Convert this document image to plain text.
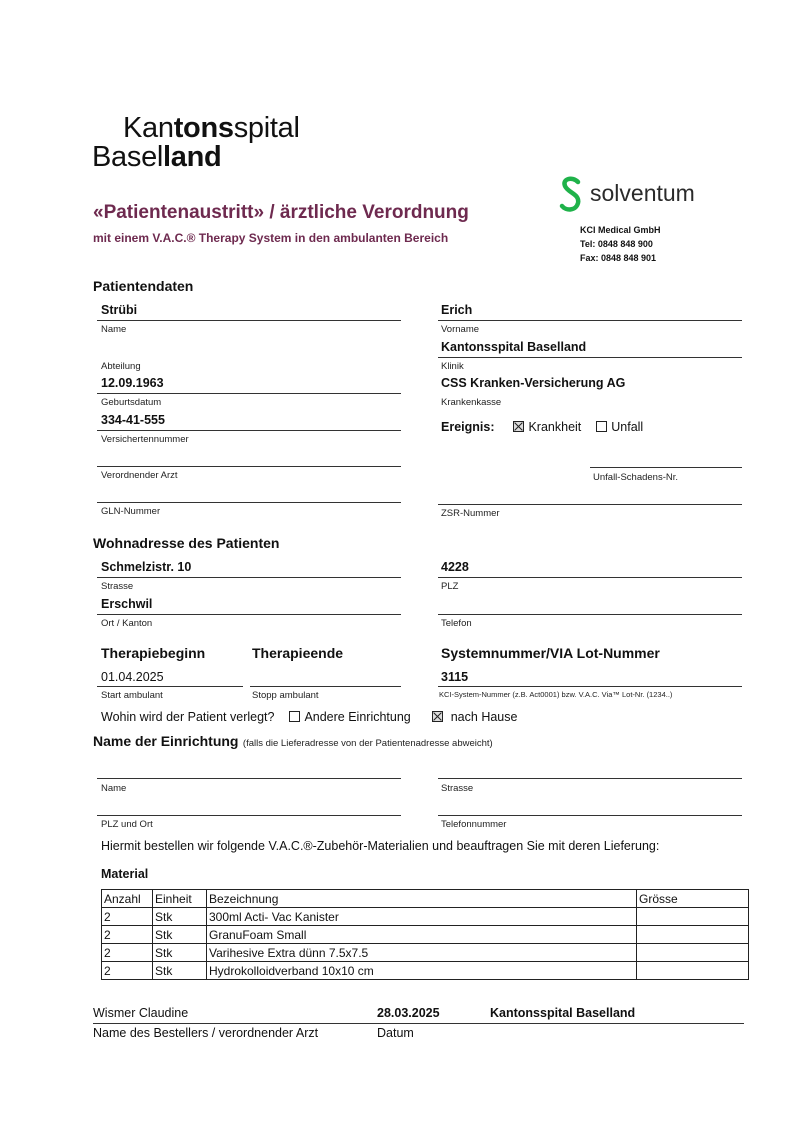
Kantonsspital
Baselland
«Patientenaustritt» / ärztliche Verordnung
mit einem V.A.C.® Therapy System in den ambulanten Bereich
solventum
KCI Medical GmbH
Tel: 0848 848 900
Fax: 0848 848 901
Patientendaten
Strübi
Name
Erich
Vorname
Abteilung
Kantonsspital Baselland
Klinik
12.09.1963
Geburtsdatum
CSS Kranken-Versicherung AG
Krankenkasse
334-41-555
Versichertennummer
Ereignis:	Krankheit Unfall
Verordnender Arzt	Unfall-Schadens-Nr.
GLN-Nummer	ZSR-Nummer
Wohnadresse des Patienten
Schmelzistr. 10
Strasse
4228
PLZ
Erschwil
Ort / Kanton	Telefon
Therapiebeginn	Therapieende	Systemnummer/VIA Lot-Nummer
01.04.2025
Start ambulant	Stopp ambulant
3115
KCI-System-Nummer (z.B. Act0001) bzw. V.A.C. Via™ Lot-Nr. (1234..)
Wohin wird der Patient verlegt? Andere Einrichtung	nach Hause
Name der Einrichtung (falls die Lieferadresse von der Patientenadresse abweicht)
Name	Strasse
PLZ und Ort	Telefonnummer
Hiermit bestellen wir folgende V.A.C.®-Zubehör-Materialien und beauftragen Sie mit deren Lieferung:
Material
Anzahl	Einheit	Bezeichnung	Grösse
2	Stk	300ml Acti- Vac Kanister	
2	Stk	GranuFoam Small	
2	Stk	Varihesive Extra dünn 7.5x7.5	
2	Stk	Hydrokolloidverband 10x10 cm	
Wismer Claudine	28.03.2025	Kantonsspital Baselland
Name des Bestellers / verordnender Arzt	Datum
